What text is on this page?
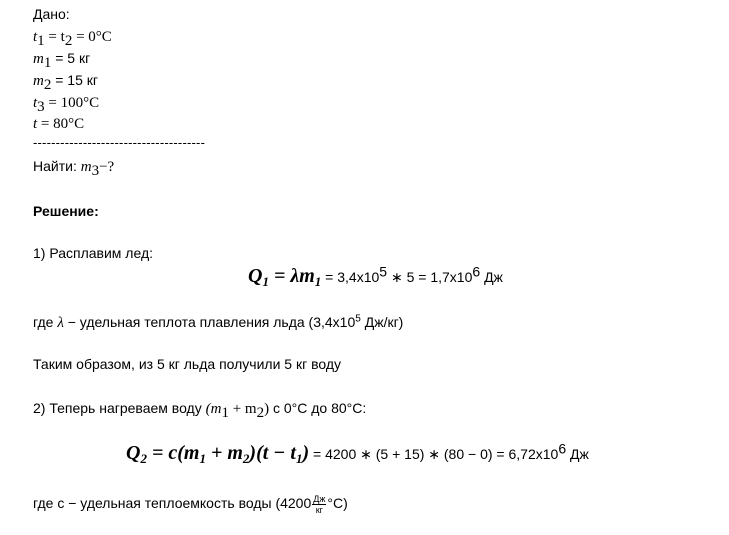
Дано:
$t_1 = t_2 = 0^\circ C$
$m_1 = 5$ кг
$m_2 = 15$ кг
$t_3 = 100^\circ C$
t = 80°C
--------------------------------------
Найти: $m_3-$?
Решение:
1) Расплавим лед:
$Q_1 = \lambda m_1 = 3,4x10^5$ ∗ 5 = 1,7x10$^6$ Дж
где λ − удельная теплота плавления льда ($3,4x10^5$ Дж/кг)
Таким образом, из 5 кг льда получили 5 кг воду
2) Теперь нагреваем воду $(m_1 + m_2)$ с 0°C до 80°C:
$Q_2 = c(m_1 + m_2)(t - t_1) = 4200$ ∗ (5 + 15) ∗ (80 − 0) = 6,72x10$^6$ Дж
где с − удельная теплоемкость воды $(4200 \frac{Дж}{кг} ^\circ C)$
